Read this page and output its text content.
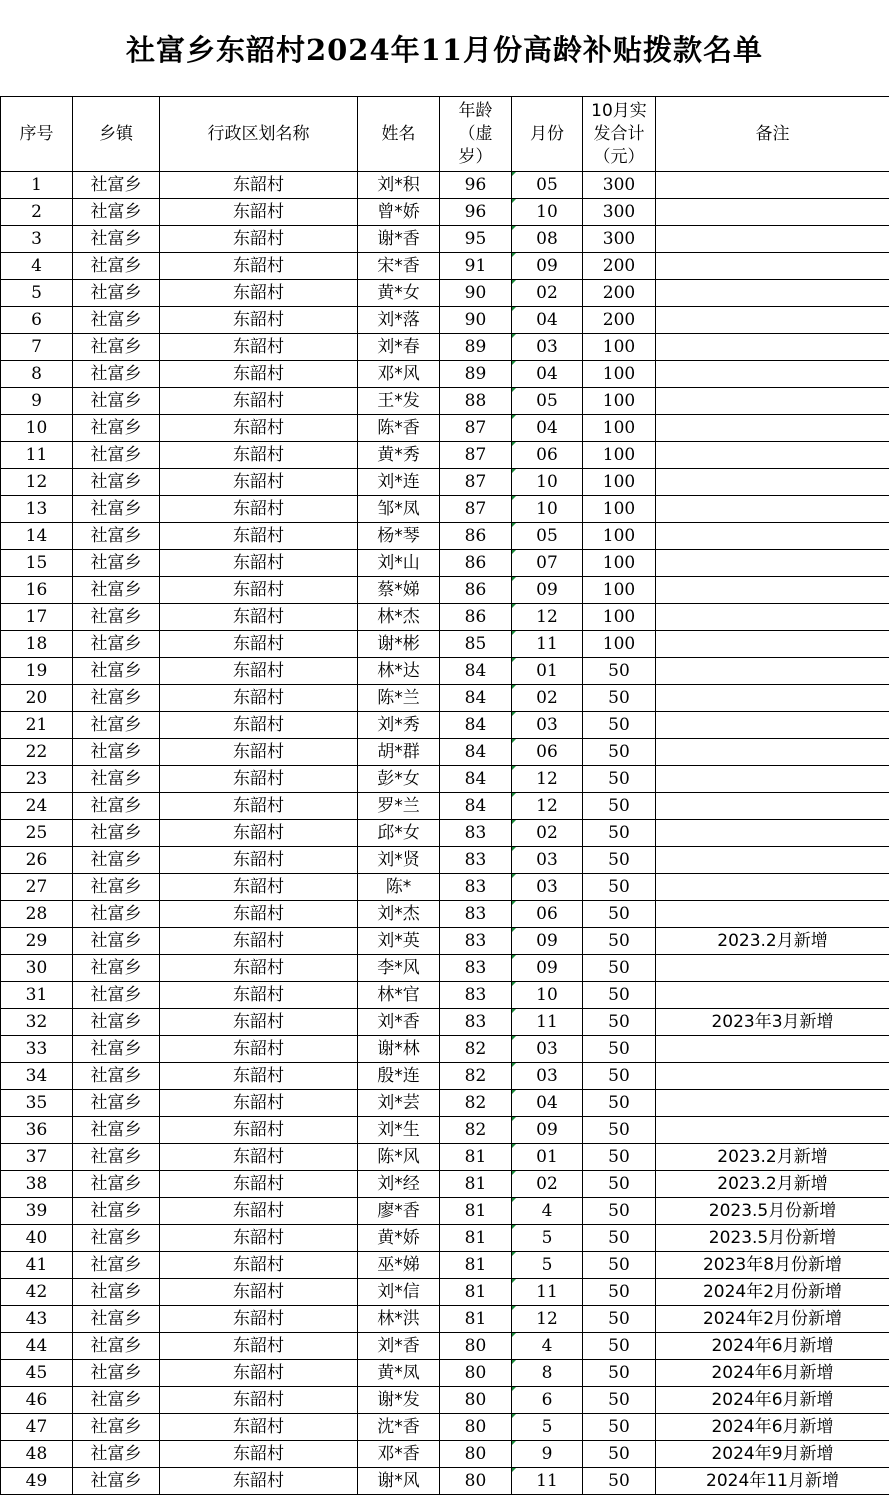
社富乡东韶村2024年11月份高龄补贴拨款名单
序号	乡镇	行政区划名称	姓名	年龄（虚岁）	月份	10月实发合计（元）	备注
1	社富乡	东韶村	刘*积	96	05	300	
2	社富乡	东韶村	曾*娇	96	10	300	
3	社富乡	东韶村	谢*香	95	08	300	
4	社富乡	东韶村	宋*香	91	09	200	
5	社富乡	东韶村	黄*女	90	02	200	
6	社富乡	东韶村	刘*落	90	04	200	
7	社富乡	东韶村	刘*春	89	03	100	
8	社富乡	东韶村	邓*风	89	04	100	
9	社富乡	东韶村	王*发	88	05	100	
10	社富乡	东韶村	陈*香	87	04	100	
11	社富乡	东韶村	黄*秀	87	06	100	
12	社富乡	东韶村	刘*连	87	10	100	
13	社富乡	东韶村	邹*凤	87	10	100	
14	社富乡	东韶村	杨*琴	86	05	100	
15	社富乡	东韶村	刘*山	86	07	100	
16	社富乡	东韶村	蔡*娣	86	09	100	
17	社富乡	东韶村	林*杰	86	12	100	
18	社富乡	东韶村	谢*彬	85	11	100	
19	社富乡	东韶村	林*达	84	01	50	
20	社富乡	东韶村	陈*兰	84	02	50	
21	社富乡	东韶村	刘*秀	84	03	50	
22	社富乡	东韶村	胡*群	84	06	50	
23	社富乡	东韶村	彭*女	84	12	50	
24	社富乡	东韶村	罗*兰	84	12	50	
25	社富乡	东韶村	邱*女	83	02	50	
26	社富乡	东韶村	刘*贤	83	03	50	
27	社富乡	东韶村	陈*	83	03	50	
28	社富乡	东韶村	刘*杰	83	06	50	
29	社富乡	东韶村	刘*英	83	09	50	2023.2月新增
30	社富乡	东韶村	李*风	83	09	50	
31	社富乡	东韶村	林*官	83	10	50	
32	社富乡	东韶村	刘*香	83	11	50	2023年3月新增
33	社富乡	东韶村	谢*林	82	03	50	
34	社富乡	东韶村	殷*连	82	03	50	
35	社富乡	东韶村	刘*芸	82	04	50	
36	社富乡	东韶村	刘*生	82	09	50	
37	社富乡	东韶村	陈*风	81	01	50	2023.2月新增
38	社富乡	东韶村	刘*经	81	02	50	2023.2月新增
39	社富乡	东韶村	廖*香	81	4	50	2023.5月份新增
40	社富乡	东韶村	黄*娇	81	5	50	2023.5月份新增
41	社富乡	东韶村	巫*娣	81	5	50	2023年8月份新增
42	社富乡	东韶村	刘*信	81	11	50	2024年2月份新增
43	社富乡	东韶村	林*洪	81	12	50	2024年2月份新增
44	社富乡	东韶村	刘*香	80	4	50	2024年6月新增
45	社富乡	东韶村	黄*凤	80	8	50	2024年6月新增
46	社富乡	东韶村	谢*发	80	6	50	2024年6月新增
47	社富乡	东韶村	沈*香	80	5	50	2024年6月新增
48	社富乡	东韶村	邓*香	80	9	50	2024年9月新增
49	社富乡	东韶村	谢*风	80	11	50	2024年11月新增
